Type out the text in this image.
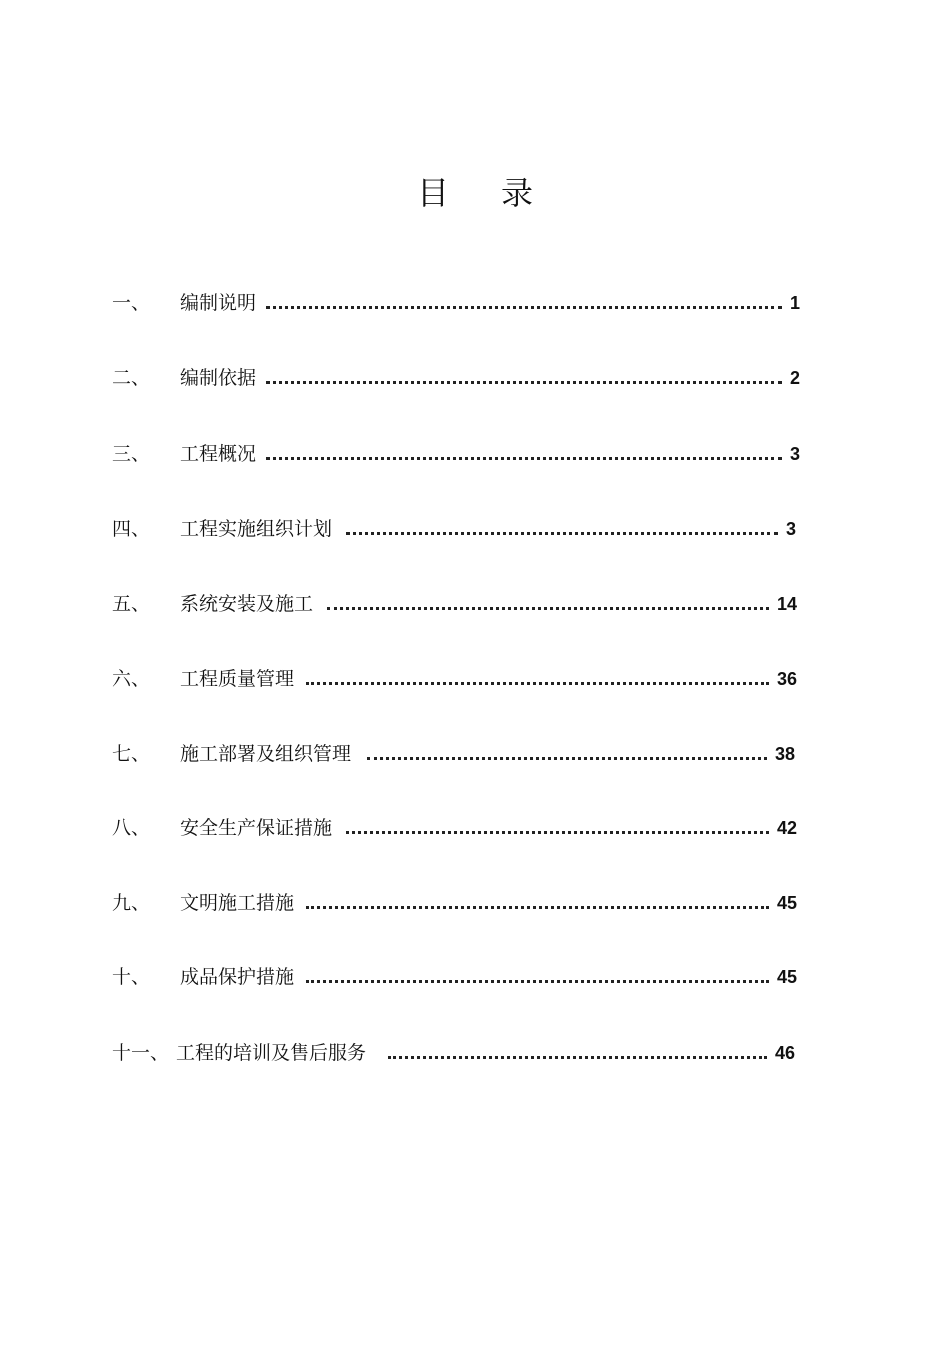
目 录
一、	编制说明	1
二、	编制依据	2
三、	工程概况	3
四、	工程实施组织计划	3
五、	系统安装及施工	14
六、	工程质量管理	36
七、	施工部署及组织管理	38
八、	安全生产保证措施	42
九、	文明施工措施	45
十、	成品保护措施	45
十一、 工程的培训及售后服务	46
